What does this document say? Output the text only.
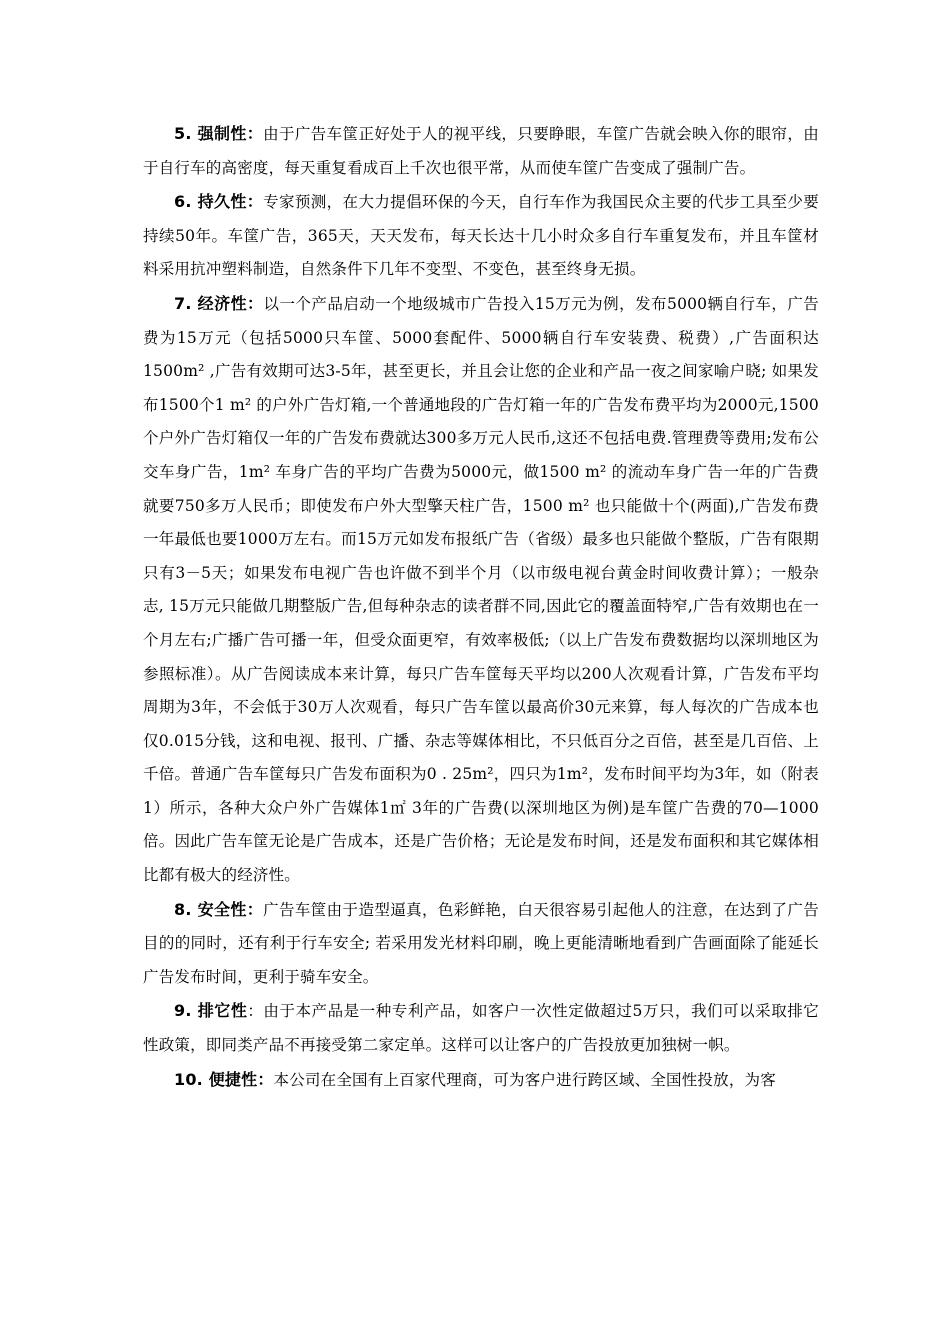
5. 强制性：由于广告车筐正好处于人的视平线，只要睁眼，车筐广告就会映入你的眼帘，由于自行车的高密度，每天重复看成百上千次也很平常，从而使车筐广告变成了强制广告。

6. 持久性：专家预测，在大力提倡环保的今天，自行车作为我国民众主要的代步工具至少要持续50年。车筐广告，365天，天天发布，每天长达十几小时众多自行车重复发布，并且车筐材料采用抗冲塑料制造，自然条件下几年不变型、不变色，甚至终身无损。

7. 经济性：以一个产品启动一个地级城市广告投入15万元为例，发布5000辆自行车，广告费为15万元（包括5000只车筐、5000套配件、5000辆自行车安装费、税费）,广告面积达1500m² ,广告有效期可达3-5年，甚至更长，并且会让您的企业和产品一夜之间家喻户晓; 如果发布1500个1 m² 的户外广告灯箱,一个普通地段的广告灯箱一年的广告发布费平均为2000元,1500个户外广告灯箱仅一年的广告发布费就达300多万元人民币,这还不包括电费.管理费等费用;发布公交车身广告，1m² 车身广告的平均广告费为5000元，做1500 m² 的流动车身广告一年的广告费就要750多万人民币；即使发布户外大型擎天柱广告，1500 m² 也只能做十个(两面),广告发布费一年最低也要1000万左右。而15万元如发布报纸广告（省级）最多也只能做个整版，广告有限期只有3－5天；如果发布电视广告也许做不到半个月（以市级电视台黄金时间收费计算）；一般杂志, 15万元只能做几期整版广告,但每种杂志的读者群不同,因此它的覆盖面特窄,广告有效期也在一个月左右;广播广告可播一年，但受众面更窄，有效率极低;（以上广告发布费数据均以深圳地区为参照标准）。从广告阅读成本来计算，每只广告车筐每天平均以200人次观看计算，广告发布平均周期为3年，不会低于30万人次观看，每只广告车筐以最高价30元来算，每人每次的广告成本也仅0.015分钱，这和电视、报刊、广播、杂志等媒体相比，不只低百分之百倍，甚至是几百倍、上千倍。普通广告车筐每只广告发布面积为0 . 25m²，四只为1m²，发布时间平均为3年，如（附表1）所示，各种大众户外广告媒体1㎡ 3年的广告费(以深圳地区为例)是车筐广告费的70—1000倍。因此广告车筐无论是广告成本，还是广告价格；无论是发布时间，还是发布面积和其它媒体相比都有极大的经济性。

8. 安全性：广告车筐由于造型逼真，色彩鲜艳，白天很容易引起他人的注意，在达到了广告目的的同时，还有利于行车安全; 若采用发光材料印刷，晚上更能清晰地看到广告画面除了能延长广告发布时间，更利于骑车安全。

9. 排它性：由于本产品是一种专利产品，如客户一次性定做超过5万只，我们可以采取排它性政策，即同类产品不再接受第二家定单。这样可以让客户的广告投放更加独树一帜。

10. 便捷性：本公司在全国有上百家代理商，可为客户进行跨区域、全国性投放，为客
